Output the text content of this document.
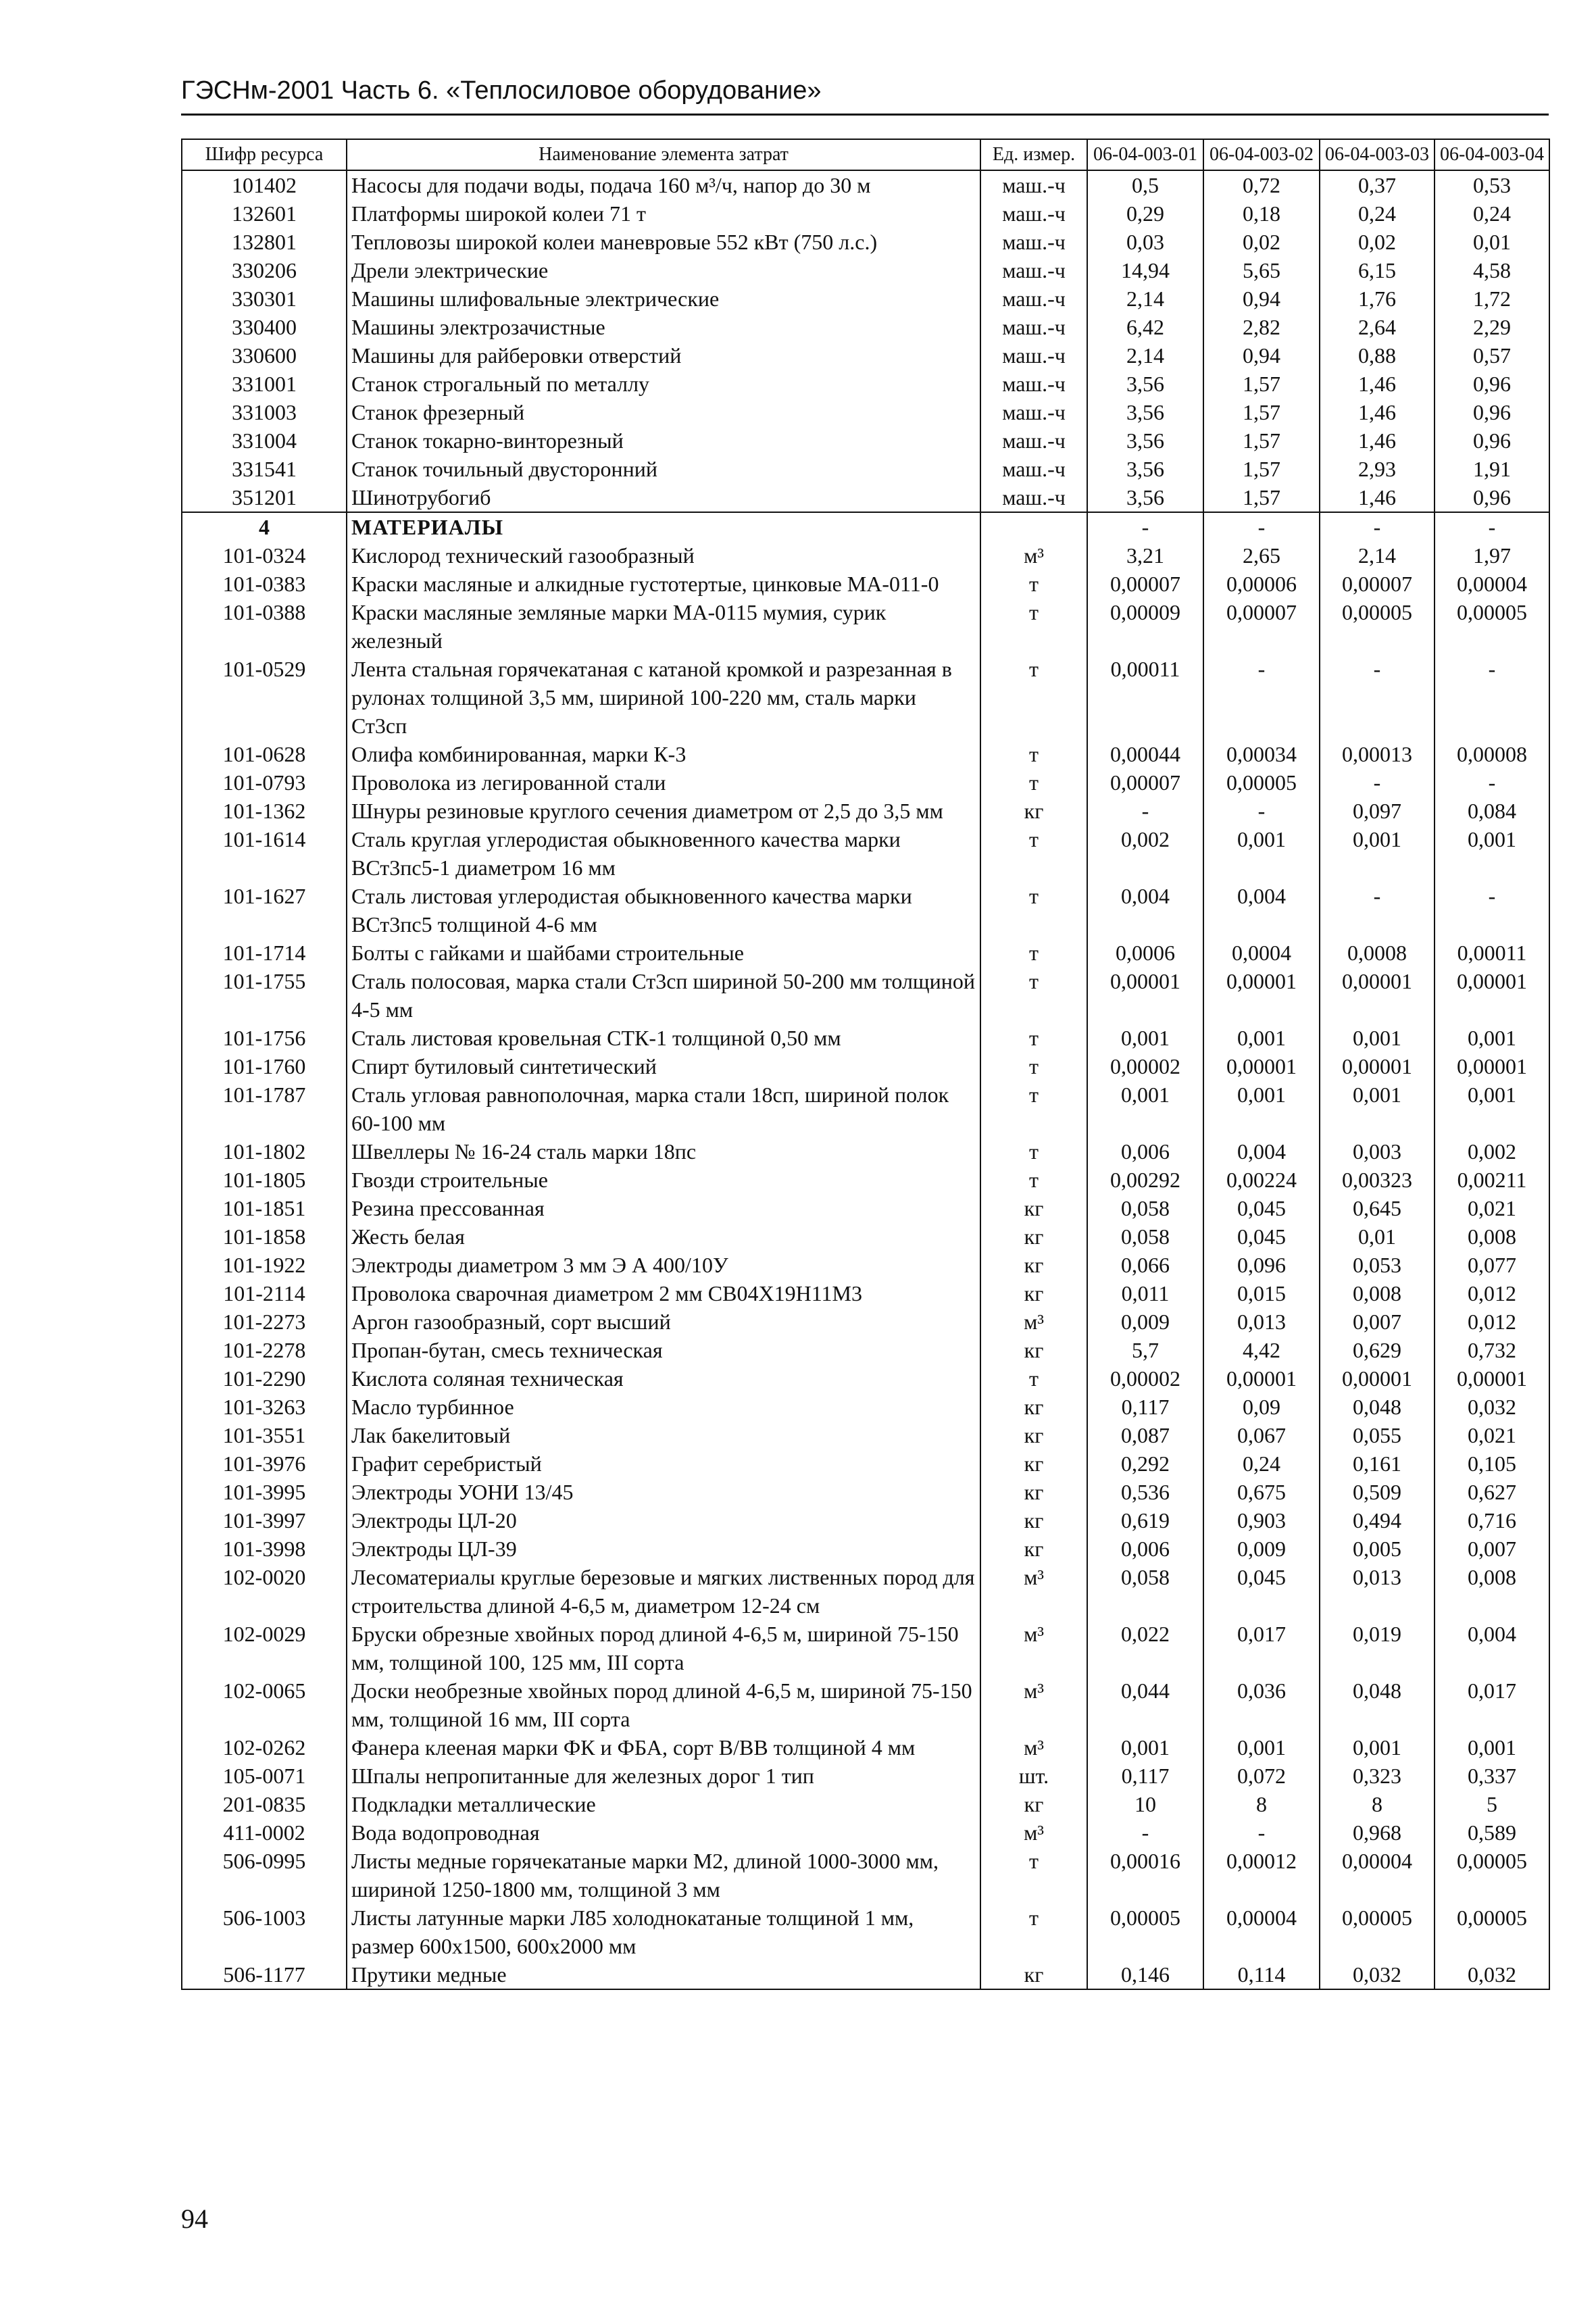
ГЭСНм-2001 Часть 6. «Теплосиловое оборудование»
Шифр ресурса	Наименование элемента затрат	Ед. измер.	06-04-003-01	06-04-003-02	06-04-003-03	06-04-003-04
101402	Насосы для подачи воды, подача 160 м³/ч, напор до 30 м	маш.-ч	0,5	0,72	0,37	0,53
132601	Платформы широкой колеи 71 т	маш.-ч	0,29	0,18	0,24	0,24
132801	Тепловозы широкой колеи маневровые 552 кВт (750 л.с.)	маш.-ч	0,03	0,02	0,02	0,01
330206	Дрели электрические	маш.-ч	14,94	5,65	6,15	4,58
330301	Машины шлифовальные электрические	маш.-ч	2,14	0,94	1,76	1,72
330400	Машины электрозачистные	маш.-ч	6,42	2,82	2,64	2,29
330600	Машины для райберовки отверстий	маш.-ч	2,14	0,94	0,88	0,57
331001	Станок строгальный по металлу	маш.-ч	3,56	1,57	1,46	0,96
331003	Станок фрезерный	маш.-ч	3,56	1,57	1,46	0,96
331004	Станок токарно-винторезный	маш.-ч	3,56	1,57	1,46	0,96
331541	Станок точильный двусторонний	маш.-ч	3,56	1,57	2,93	1,91
351201	Шинотрубогиб	маш.-ч	3,56	1,57	1,46	0,96
4	МАТЕРИАЛЫ		-	-	-	-
101-0324	Кислород технический газообразный	м³	3,21	2,65	2,14	1,97
101-0383	Краски масляные и алкидные густотертые, цинковые МА-011-0	т	0,00007	0,00006	0,00007	0,00004
101-0388	Краски масляные земляные марки МА-0115 мумия, сурик железный	т	0,00009	0,00007	0,00005	0,00005
101-0529	Лента стальная горячекатаная с катаной кромкой и разрезанная в рулонах толщиной 3,5 мм, шириной 100-220 мм, сталь марки Ст3сп	т	0,00011	-	-	-
101-0628	Олифа комбинированная, марки К-3	т	0,00044	0,00034	0,00013	0,00008
101-0793	Проволока из легированной стали	т	0,00007	0,00005	-	-
101-1362	Шнуры резиновые круглого сечения диаметром от 2,5 до 3,5 мм	кг	-	-	0,097	0,084
101-1614	Сталь круглая углеродистая обыкновенного качества марки ВСт3пс5-1 диаметром 16 мм	т	0,002	0,001	0,001	0,001
101-1627	Сталь листовая углеродистая обыкновенного качества марки ВСт3пс5 толщиной 4-6 мм	т	0,004	0,004	-	-
101-1714	Болты с гайками и шайбами строительные	т	0,0006	0,0004	0,0008	0,00011
101-1755	Сталь полосовая, марка стали Ст3сп шириной 50-200 мм толщиной 4-5 мм	т	0,00001	0,00001	0,00001	0,00001
101-1756	Сталь листовая кровельная СТК-1 толщиной 0,50 мм	т	0,001	0,001	0,001	0,001
101-1760	Спирт бутиловый синтетический	т	0,00002	0,00001	0,00001	0,00001
101-1787	Сталь угловая равнополочная, марка стали 18сп, шириной полок 60-100 мм	т	0,001	0,001	0,001	0,001
101-1802	Швеллеры № 16-24 сталь марки 18пс	т	0,006	0,004	0,003	0,002
101-1805	Гвозди строительные	т	0,00292	0,00224	0,00323	0,00211
101-1851	Резина прессованная	кг	0,058	0,045	0,645	0,021
101-1858	Жесть белая	кг	0,058	0,045	0,01	0,008
101-1922	Электроды диаметром 3 мм Э А 400/10У	кг	0,066	0,096	0,053	0,077
101-2114	Проволока сварочная диаметром 2 мм СВ04Х19Н11М3	кг	0,011	0,015	0,008	0,012
101-2273	Аргон газообразный, сорт высший	м³	0,009	0,013	0,007	0,012
101-2278	Пропан-бутан, смесь техническая	кг	5,7	4,42	0,629	0,732
101-2290	Кислота соляная техническая	т	0,00002	0,00001	0,00001	0,00001
101-3263	Масло турбинное	кг	0,117	0,09	0,048	0,032
101-3551	Лак бакелитовый	кг	0,087	0,067	0,055	0,021
101-3976	Графит серебристый	кг	0,292	0,24	0,161	0,105
101-3995	Электроды УОНИ 13/45	кг	0,536	0,675	0,509	0,627
101-3997	Электроды ЦЛ-20	кг	0,619	0,903	0,494	0,716
101-3998	Электроды ЦЛ-39	кг	0,006	0,009	0,005	0,007
102-0020	Лесоматериалы круглые березовые и мягких лиственных пород для строительства длиной 4-6,5 м, диаметром 12-24 см	м³	0,058	0,045	0,013	0,008
102-0029	Бруски обрезные хвойных пород длиной 4-6,5 м, шириной 75-150 мм, толщиной 100, 125 мм, III сорта	м³	0,022	0,017	0,019	0,004
102-0065	Доски необрезные хвойных пород длиной 4-6,5 м, шириной 75-150 мм, толщиной 16 мм, III сорта	м³	0,044	0,036	0,048	0,017
102-0262	Фанера клееная марки ФК и ФБА, сорт В/ВВ толщиной 4 мм	м³	0,001	0,001	0,001	0,001
105-0071	Шпалы непропитанные для железных дорог 1 тип	шт.	0,117	0,072	0,323	0,337
201-0835	Подкладки металлические	кг	10	8	8	5
411-0002	Вода водопроводная	м³	-	-	0,968	0,589
506-0995	Листы медные горячекатаные марки М2, длиной 1000-3000 мм, шириной 1250-1800 мм, толщиной 3 мм	т	0,00016	0,00012	0,00004	0,00005
506-1003	Листы латунные марки Л85 холоднокатаные толщиной 1 мм, размер 600х1500, 600х2000 мм	т	0,00005	0,00004	0,00005	0,00005
506-1177	Прутики медные	кг	0,146	0,114	0,032	0,032
94
